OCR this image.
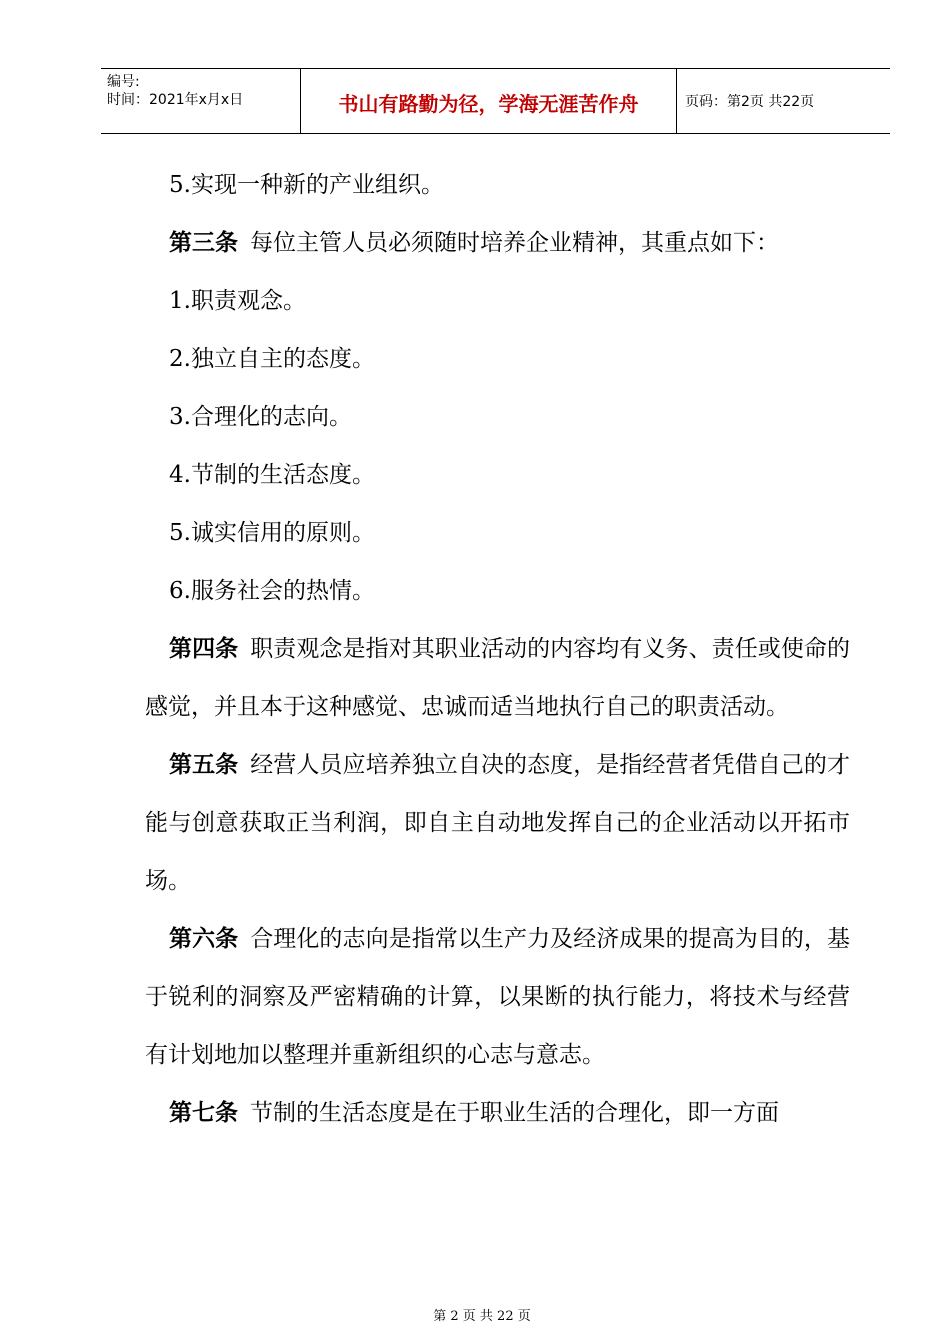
编号:
时间：2021年x月x日	书山有路勤为径，学海无涯苦作舟	页码：第2页 共22页

5.实现一种新的产业组织。

第三条 每位主管人员必须随时培养企业精神，其重点如下：

1.职责观念。

2.独立自主的态度。

3.合理化的志向。

4.节制的生活态度。

5.诚实信用的原则。

6.服务社会的热情。

第四条 职责观念是指对其职业活动的内容均有义务、责任或使命的感觉，并且本于这种感觉、忠诚而适当地执行自己的职责活动。

第五条 经营人员应培养独立自决的态度，是指经营者凭借自己的才能与创意获取正当利润，即自主自动地发挥自己的企业活动以开拓市场。

第六条 合理化的志向是指常以生产力及经济成果的提高为目的，基于锐利的洞察及严密精确的计算，以果断的执行能力，将技术与经营有计划地加以整理并重新组织的心志与意志。

第七条 节制的生活态度是在于职业生活的合理化，即一方面

第 2 页 共 22 页
